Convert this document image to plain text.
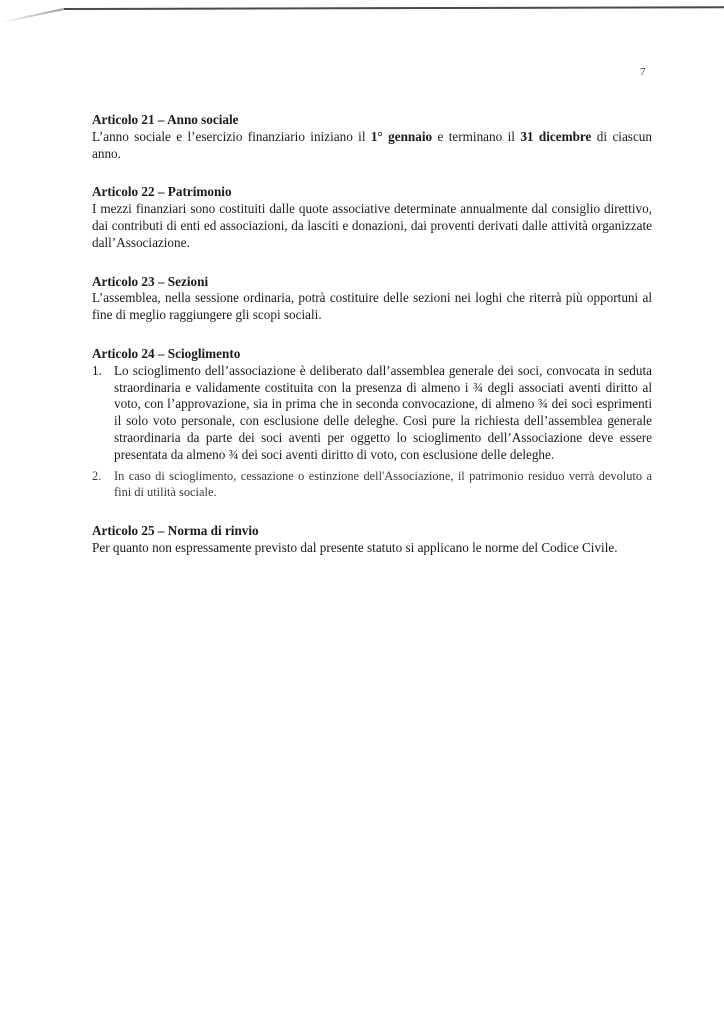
7
Articolo 21 – Anno sociale

L’anno sociale e l’esercizio finanziario iniziano il 1° gennaio e terminano il 31 dicembre di ciascun anno.

Articolo 22 – Patrimonio

I mezzi finanziari sono costituiti dalle quote associative determinate annualmente dal consiglio direttivo, dai contributi di enti ed associazioni, da lasciti e donazioni, dai proventi derivati dalle attività organizzate dall’Associazione.

Articolo 23 – Sezioni

L’assemblea, nella sessione ordinaria, potrà costituire delle sezioni nei loghi che riterrà più opportuni al fine di meglio raggiungere gli scopi sociali.

Articolo 24 – Scioglimento
1. Lo scioglimento dell’associazione è deliberato dall’assemblea generale dei soci, convocata in seduta straordinaria e validamente costituita con la presenza di almeno i ¾ degli associati aventi diritto al voto, con l’approvazione, sia in prima che in seconda convocazione, di almeno ¾ dei soci esprimenti il solo voto personale, con esclusione delle deleghe. Così pure la richiesta dell’assemblea generale straordinaria da parte dei soci aventi per oggetto lo scioglimento dell’Associazione deve essere presentata da almeno ¾ dei soci aventi diritto di voto, con esclusione delle deleghe.
2. In caso di scioglimento, cessazione o estinzione dell'Associazione, il patrimonio residuo verrà devoluto a fini di utilità sociale.
Articolo 25 – Norma di rinvio

Per quanto non espressamente previsto dal presente statuto si applicano le norme del Codice Civile.
